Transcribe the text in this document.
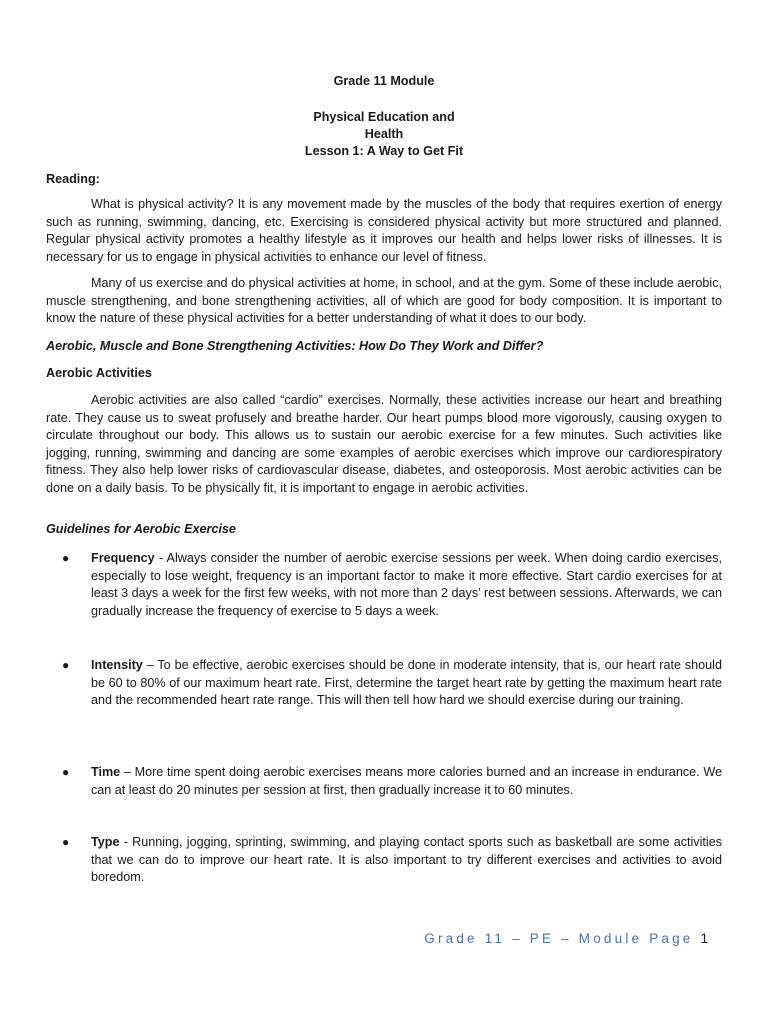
Grade 11 Module
Physical Education and
Health
Lesson 1: A Way to Get Fit
Reading:
What is physical activity? It is any movement made by the muscles of the body that requires exertion of energy such as running, swimming, dancing, etc. Exercising is considered physical activity but more structured and planned. Regular physical activity promotes a healthy lifestyle as it improves our health and helps lower risks of illnesses. It is necessary for us to engage in physical activities to enhance our level of fitness.
Many of us exercise and do physical activities at home, in school, and at the gym. Some of these include aerobic, muscle strengthening, and bone strengthening activities, all of which are good for body composition. It is important to know the nature of these physical activities for a better understanding of what it does to our body.
Aerobic, Muscle and Bone Strengthening Activities: How Do They Work and Differ?
Aerobic Activities
Aerobic activities are also called “cardio” exercises. Normally, these activities increase our heart and breathing rate. They cause us to sweat profusely and breathe harder. Our heart pumps blood more vigorously, causing oxygen to circulate throughout our body. This allows us to sustain our aerobic exercise for a few minutes. Such activities like jogging, running, swimming and dancing are some examples of aerobic exercises which improve our cardiorespiratory fitness. They also help lower risks of cardiovascular disease, diabetes, and osteoporosis. Most aerobic activities can be done on a daily basis. To be physically fit, it is important to engage in aerobic activities.
Guidelines for Aerobic Exercise
● Frequency - Always consider the number of aerobic exercise sessions per week. When doing cardio exercises, especially to lose weight, frequency is an important factor to make it more effective. Start cardio exercises for at least 3 days a week for the first few weeks, with not more than 2 days’ rest between sessions. Afterwards, we can gradually increase the frequency of exercise to 5 days a week.
● Intensity – To be effective, aerobic exercises should be done in moderate intensity, that is, our heart rate should be 60 to 80% of our maximum heart rate. First, determine the target heart rate by getting the maximum heart rate and the recommended heart rate range. This will then tell how hard we should exercise during our training.
● Time – More time spent doing aerobic exercises means more calories burned and an increase in endurance. We can at least do 20 minutes per session at first, then gradually increase it to 60 minutes.
● Type - Running, jogging, sprinting, swimming, and playing contact sports such as basketball are some activities that we can do to improve our heart rate. It is also important to try different exercises and activities to avoid boredom.
Grade 11 – PE – Module Page 1
